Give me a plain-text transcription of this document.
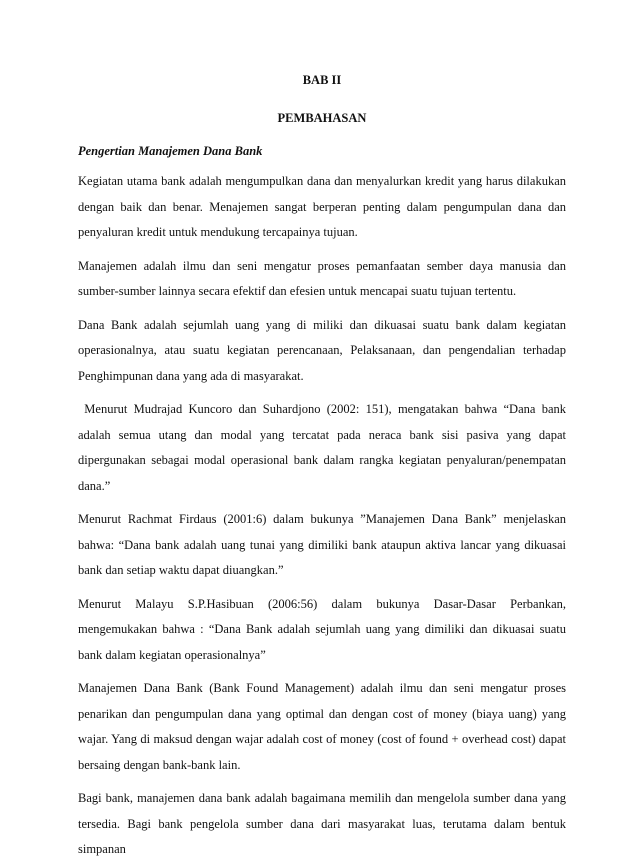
BAB II

PEMBAHASAN

Pengertian Manajemen Dana Bank

Kegiatan utama bank adalah mengumpulkan dana dan menyalurkan kredit yang harus dilakukan dengan baik dan benar. Menajemen sangat berperan penting dalam pengumpulan dana dan penyaluran kredit untuk mendukung tercapainya tujuan.

Manajemen adalah ilmu dan seni mengatur proses pemanfaatan sember daya manusia dan sumber-sumber lainnya secara efektif dan efesien untuk mencapai suatu tujuan tertentu.

Dana Bank adalah sejumlah uang yang di miliki dan dikuasai suatu bank dalam kegiatan operasionalnya, atau suatu kegiatan perencanaan, Pelaksanaan, dan pengendalian terhadap Penghimpunan dana yang ada di masyarakat.

Menurut Mudrajad Kuncoro dan Suhardjono (2002: 151), mengatakan bahwa “Dana bank adalah semua utang dan modal yang tercatat pada neraca bank sisi pasiva yang dapat dipergunakan sebagai modal operasional bank dalam rangka kegiatan penyaluran/penempatan dana.”

Menurut Rachmat Firdaus (2001:6) dalam bukunya ”Manajemen Dana Bank” menjelaskan bahwa: “Dana bank adalah uang tunai yang dimiliki bank ataupun aktiva lancar yang dikuasai bank dan setiap waktu dapat diuangkan.”

Menurut Malayu S.P.Hasibuan (2006:56) dalam bukunya Dasar-Dasar Perbankan, mengemukakan bahwa : “Dana Bank adalah sejumlah uang yang dimiliki dan dikuasai suatu bank dalam kegiatan operasionalnya”

Manajemen Dana Bank (Bank Found Management) adalah ilmu dan seni mengatur proses penarikan dan pengumpulan dana yang optimal dan dengan cost of money (biaya uang) yang wajar. Yang di maksud dengan wajar adalah cost of money (cost of found + overhead cost) dapat bersaing dengan bank-bank lain.

Bagi bank, manajemen dana bank adalah bagaimana memilih dan mengelola sumber dana yang tersedia. Bagi bank pengelola sumber dana dari masyarakat luas, terutama dalam bentuk simpanan
